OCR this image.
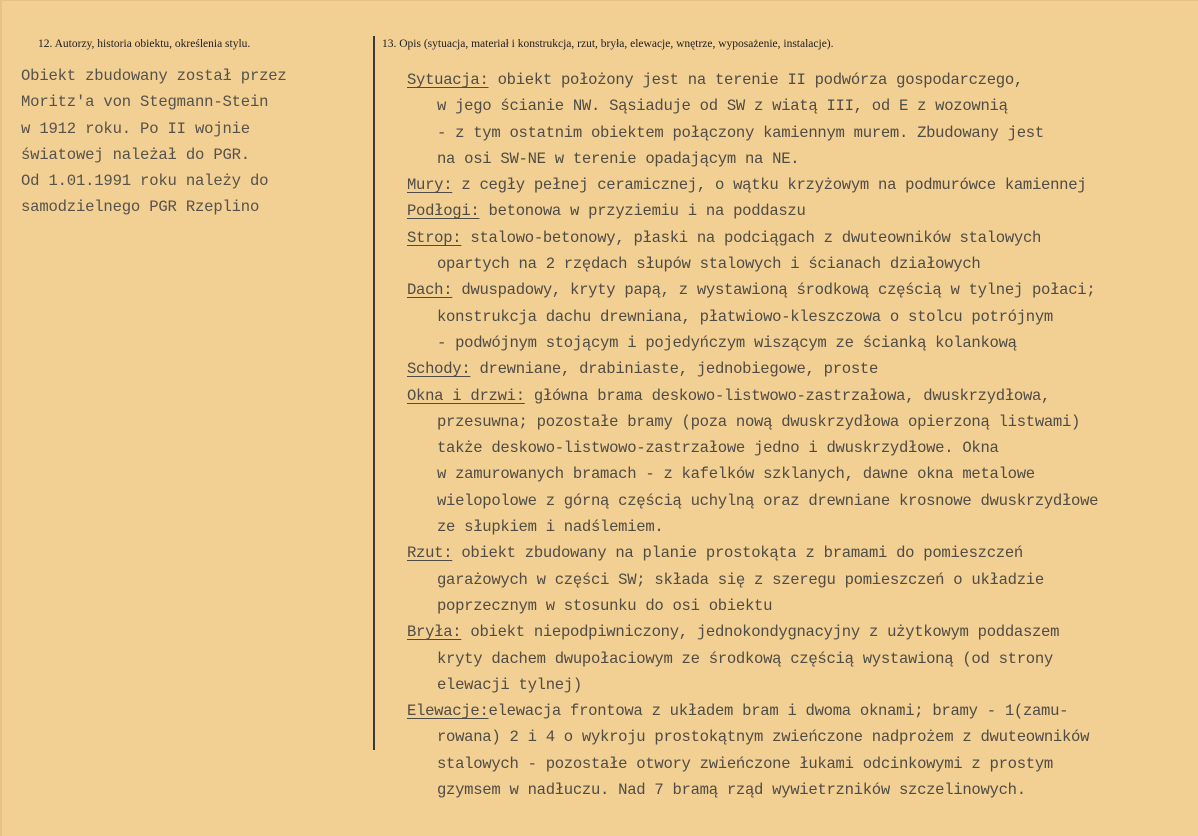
12. Autorzy, historia obiektu, określenia stylu.	13. Opis (sytuacja, materiał i konstrukcja, rzut, bryła, elewacje, wnętrze, wyposażenie, instalacje).
Obiekt zbudowany został przez
Moritz'a von Stegmann-Stein
w 1912 roku. Po II wojnie
światowej należał do PGR.
Od 1.01.1991 roku należy do
samodzielnego PGR Rzeplino
Sytuacja: obiekt położony jest na terenie II podwórza gospodarczego,
w jego ścianie NW. Sąsiaduje od SW z wiatą III, od E z wozownią
- z tym ostatnim obiektem połączony kamiennym murem. Zbudowany jest
na osi SW-NE w terenie opadającym na NE.
Mury: z cegły pełnej ceramicznej, o wątku krzyżowym na podmurówce kamiennej
Podłogi: betonowa w przyziemiu i na poddaszu
Strop: stalowo-betonowy, płaski na podciągach z dwuteowników stalowych
opartych na 2 rzędach słupów stalowych i ścianach działowych
Dach: dwuspadowy, kryty papą, z wystawioną środkową częścią w tylnej połaci;
konstrukcja dachu drewniana, płatwiowo-kleszczowa o stolcu potrójnym
- podwójnym stojącym i pojedyńczym wiszącym ze ścianką kolankową
Schody: drewniane, drabiniaste, jednobiegowe, proste
Okna i drzwi: główna brama deskowo-listwowo-zastrzałowa, dwuskrzydłowa,
przesuwna; pozostałe bramy (poza nową dwuskrzydłowa opierzoną listwami)
także deskowo-listwowo-zastrzałowe jedno i dwuskrzydłowe. Okna
w zamurowanych bramach - z kafelków szklanych, dawne okna metalowe
wielopolowe z górną częścią uchylną oraz drewniane krosnowe dwuskrzydłowe
ze słupkiem i nadślemiem.
Rzut: obiekt zbudowany na planie prostokąta z bramami do pomieszczeń
garażowych w części SW; składa się z szeregu pomieszczeń o układzie
poprzecznym w stosunku do osi obiektu
Bryła: obiekt niepodpiwniczony, jednokondygnacyjny z użytkowym poddaszem
kryty dachem dwupołaciowym ze środkową częścią wystawioną (od strony
elewacji tylnej)
Elewacje:elewacja frontowa z układem bram i dwoma oknami; bramy - 1(zamu-
rowana) 2 i 4 o wykroju prostokątnym zwieńczone nadprożem z dwuteowników
stalowych - pozostałe otwory zwieńczone łukami odcinkowymi z prostym
gzymsem w nadłuczu. Nad 7 bramą rząd wywietrzników szczelinowych.
